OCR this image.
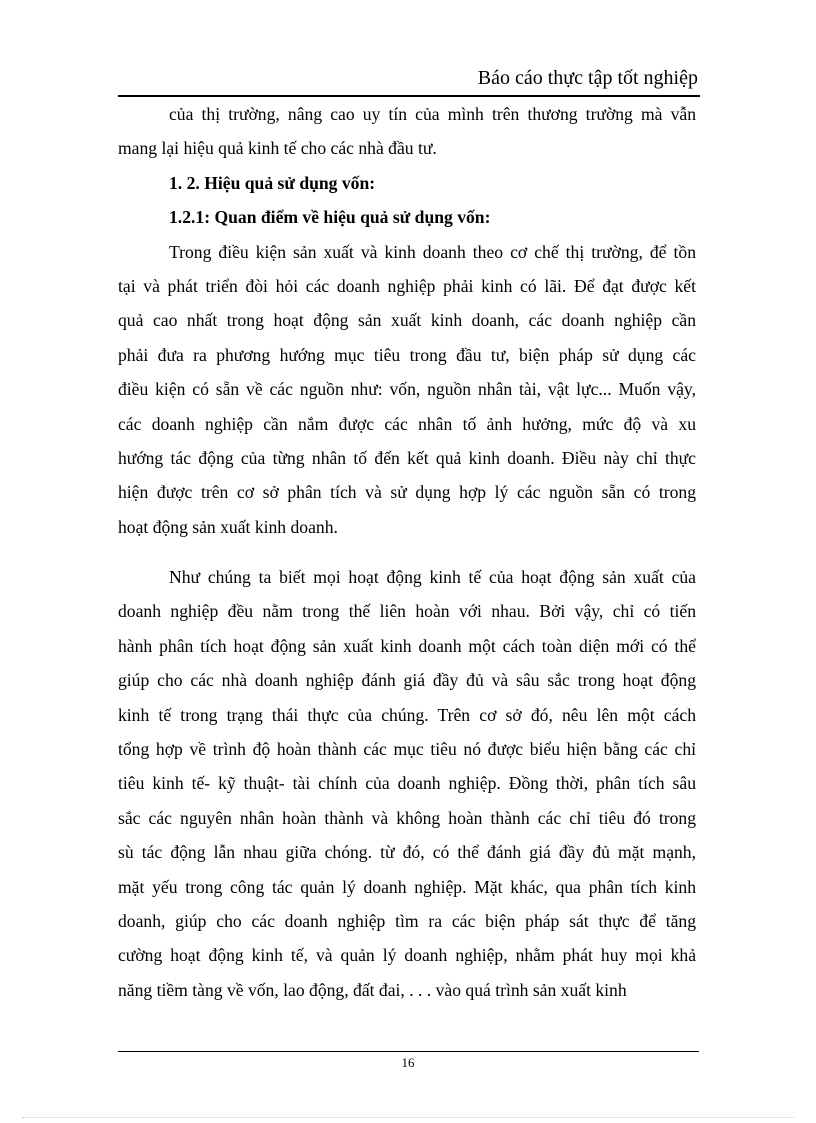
Báo cáo thực tập tốt nghiệp
của thị trường, nâng cao uy tín của mình trên thương trường mà vẫn
mang lại hiệu quả kinh tế cho các nhà đầu tư.
1. 2. Hiệu quả sử dụng vốn:
1.2.1: Quan điểm về hiệu quả sử dụng vốn:
Trong điều kiện sản xuất và kinh doanh theo cơ chế thị trường, để tồn
tại và phát triển đòi hỏi các doanh nghiệp phải kinh có lãi. Để đạt được kết
quả cao nhất trong hoạt động sản xuất kinh doanh, các doanh nghiệp cần
phải đưa ra phương hướng mục tiêu trong đầu tư, biện pháp sử dụng các
điều kiện có sẵn về các nguồn như: vốn, nguồn nhân tài, vật lực... Muốn vậy,
các doanh nghiệp cần nắm được các nhân tố ảnh hưởng, mức độ và xu
hướng tác động của từng nhân tố đến kết quả kinh doanh. Điều này chỉ thực
hiện được trên cơ sở phân tích và sử dụng hợp lý các nguồn sẵn có trong
hoạt động sản xuất kinh doanh.
Như chúng ta biết mọi hoạt động kinh tế của hoạt động sản xuất của
doanh nghiệp đều nằm trong thế liên hoàn với nhau. Bởi vậy, chỉ có tiến
hành phân tích hoạt động sản xuất kinh doanh một cách toàn diện mới có thể
giúp cho các nhà doanh nghiệp đánh giá đầy đủ và sâu sắc trong hoạt động
kinh tế trong trạng thái thực của chúng. Trên cơ sở đó, nêu lên một cách
tổng hợp về trình độ hoàn thành các mục tiêu nó được biểu hiện bằng các chỉ
tiêu kinh tế- kỹ thuật- tài chính của doanh nghiệp. Đồng thời, phân tích sâu
sắc các nguyên nhân hoàn thành và không hoàn thành các chỉ tiêu đó trong
sù tác động lẫn nhau giữa chóng. từ đó, có thể đánh giá đầy đủ mặt mạnh,
mặt yếu trong công tác quản lý doanh nghiệp. Mặt khác, qua phân tích kinh
doanh, giúp cho các doanh nghiệp tìm ra các biện pháp sát thực để tăng
cường hoạt động kinh tế, và quản lý doanh nghiệp, nhằm phát huy mọi khả
năng tiềm tàng về vốn, lao động, đất đai, . . . vào quá trình sản xuất kinh
16
